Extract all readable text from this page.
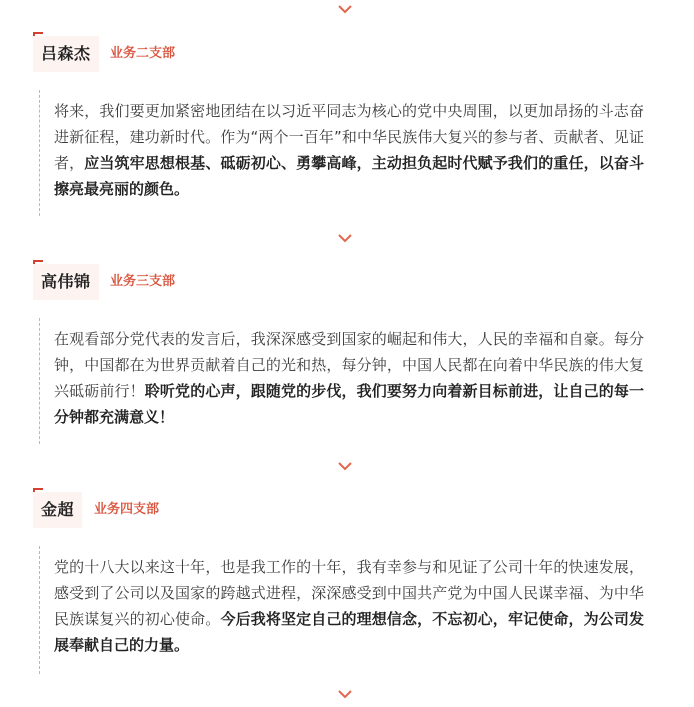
吕森杰 业务二支部

将来，我们要更加紧密地团结在以习近平同志为核心的党中央周围，以更加昂扬的斗志奋进新征程，建功新时代。作为“两个一百年”和中华民族伟大复兴的参与者、贡献者、见证者，应当筑牢思想根基、砥砺初心、勇攀高峰，主动担负起时代赋予我们的重任，以奋斗擦亮最亮丽的颜色。

高伟锦 业务三支部

在观看部分党代表的发言后，我深深感受到国家的崛起和伟大，人民的幸福和自豪。每分钟，中国都在为世界贡献着自己的光和热，每分钟，中国人民都在向着中华民族的伟大复兴砥砺前行！聆听党的心声，跟随党的步伐，我们要努力向着新目标前进，让自己的每一分钟都充满意义！

金超 业务四支部

党的十八大以来这十年，也是我工作的十年，我有幸参与和见证了公司十年的快速发展，感受到了公司以及国家的跨越式进程，深深感受到中国共产党为中国人民谋幸福、为中华民族谋复兴的初心使命。今后我将坚定自己的理想信念，不忘初心，牢记使命，为公司发展奉献自己的力量。
